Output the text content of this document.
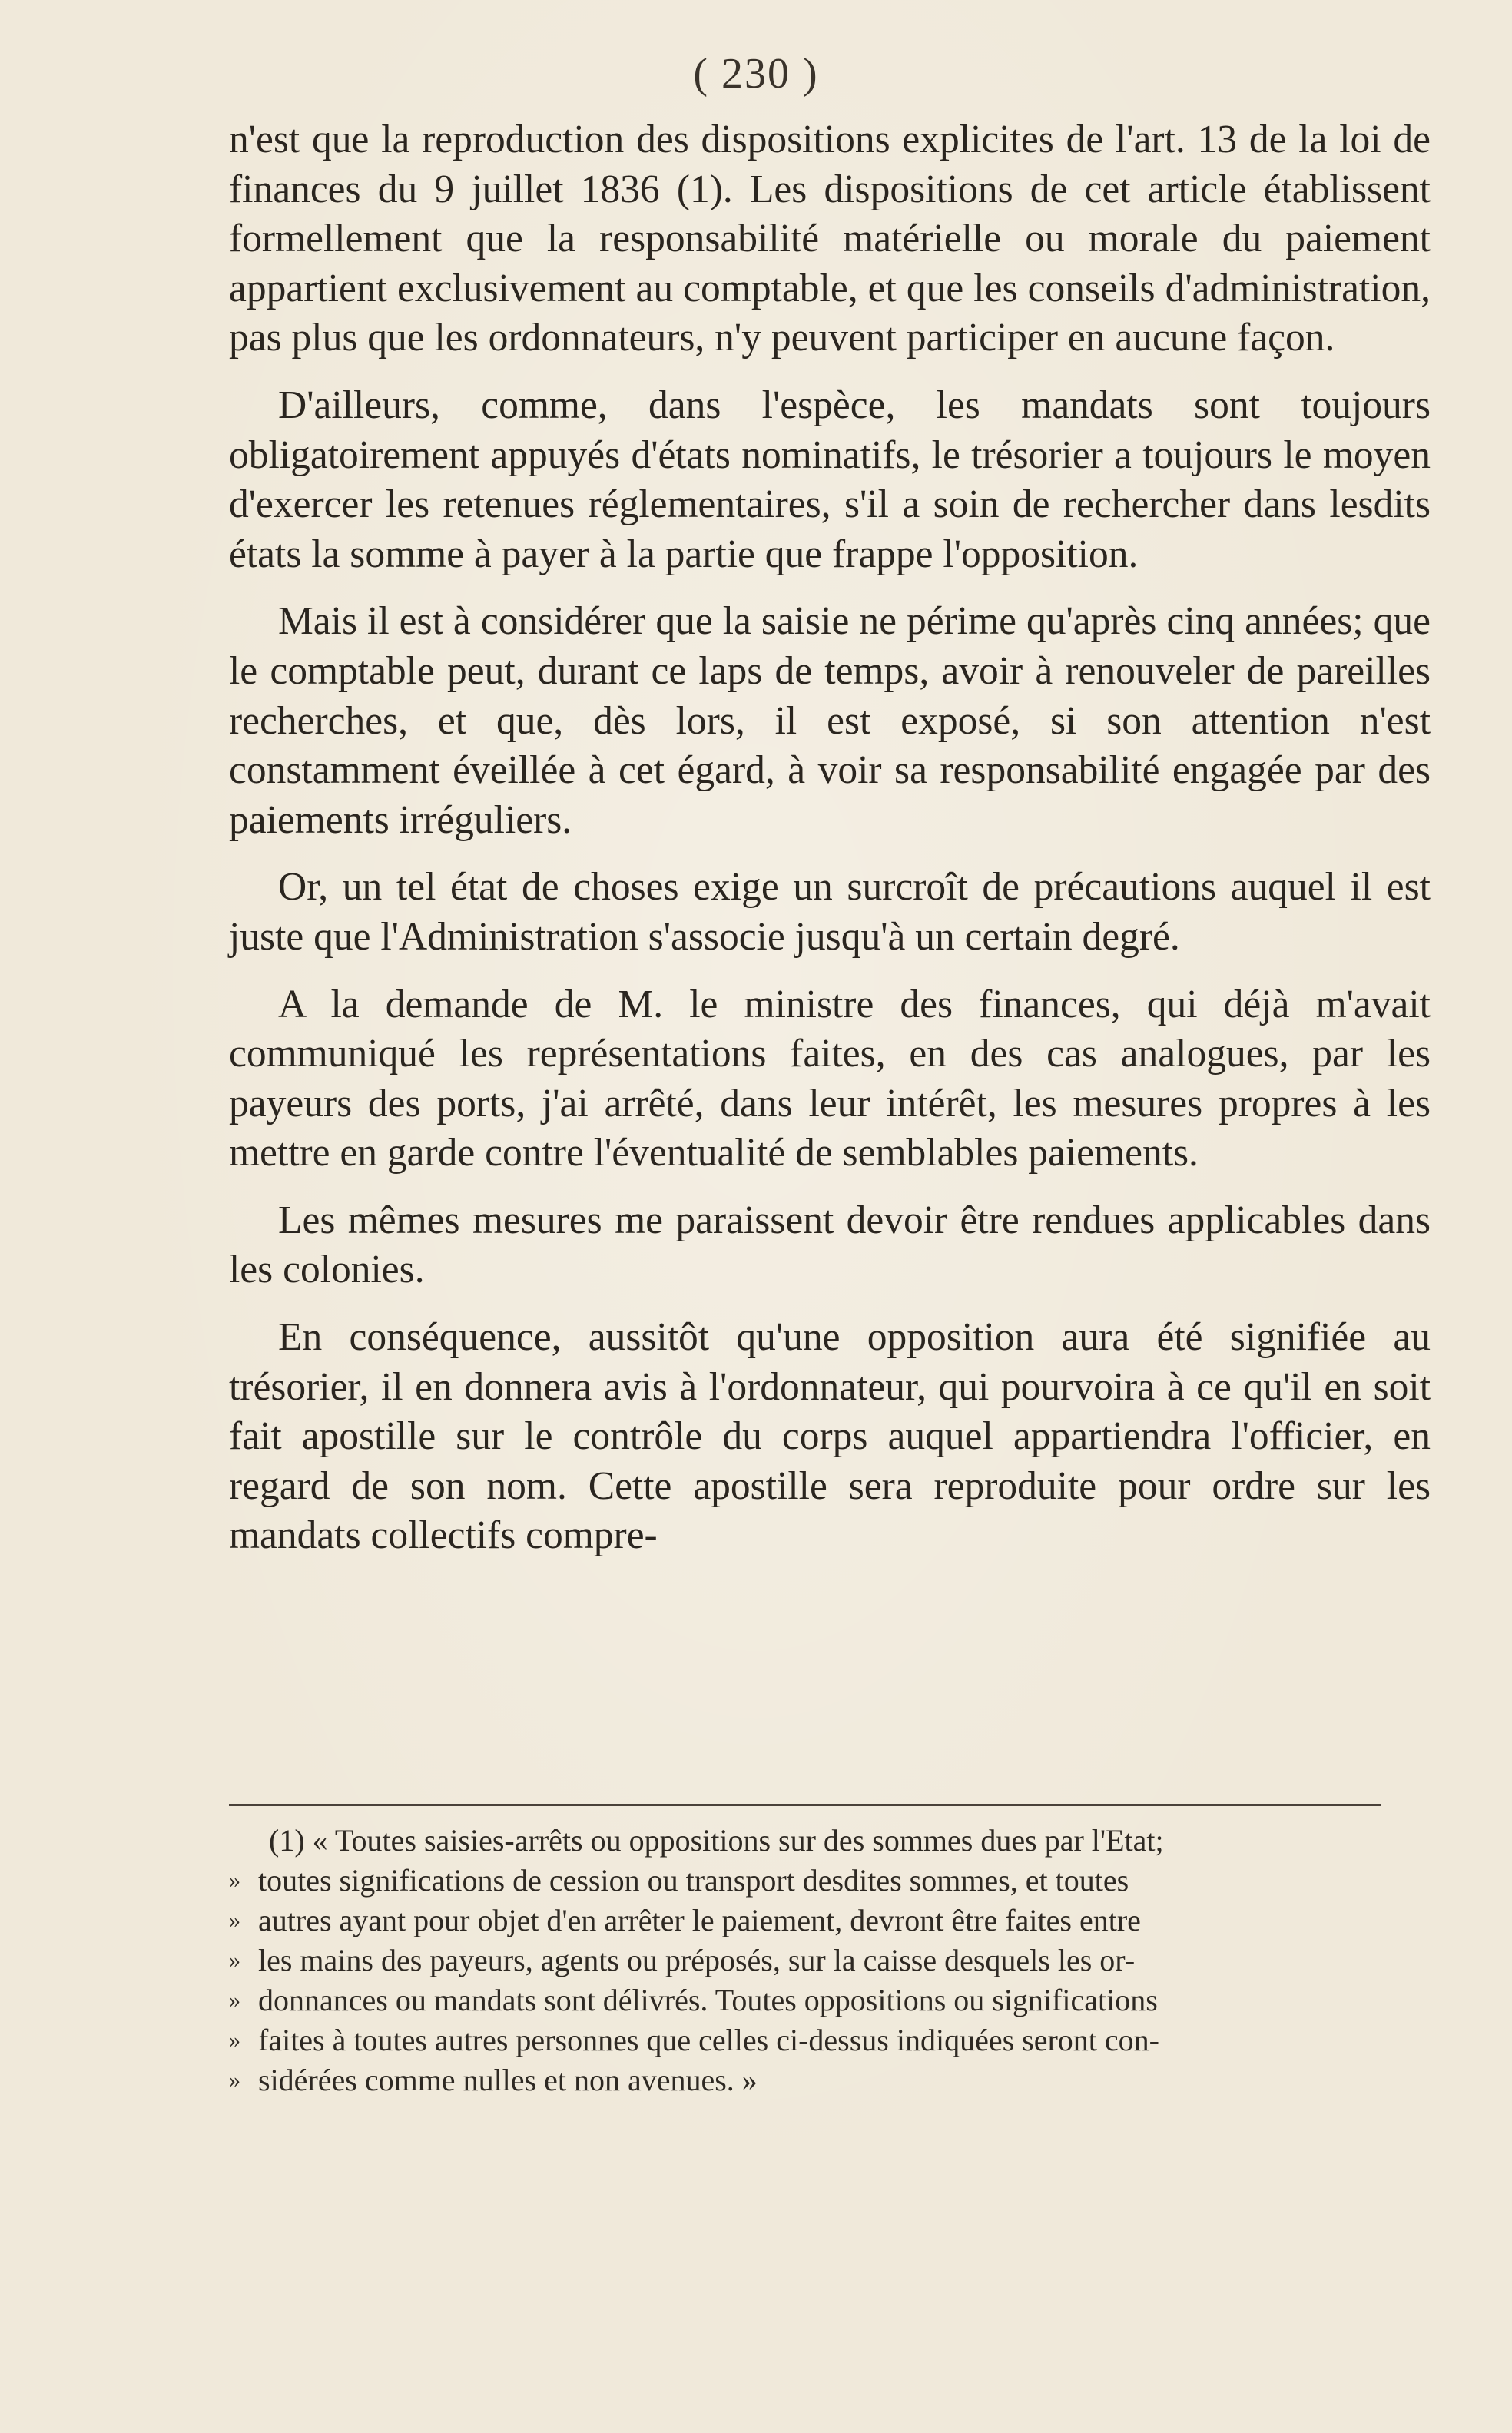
( 230 )

n'est que la reproduction des dispositions explicites de l'art. 13 de la loi de finances du 9 juillet 1836 (1). Les dispositions de cet article établissent formellement que la responsabilité matérielle ou morale du paiement appartient exclusivement au comptable, et que les conseils d'administration, pas plus que les ordonnateurs, n'y peuvent participer en aucune façon.

D'ailleurs, comme, dans l'espèce, les mandats sont toujours obligatoirement appuyés d'états nominatifs, le trésorier a toujours le moyen d'exercer les retenues réglementaires, s'il a soin de rechercher dans lesdits états la somme à payer à la partie que frappe l'opposition.

Mais il est à considérer que la saisie ne périme qu'après cinq années; que le comptable peut, durant ce laps de temps, avoir à renouveler de pareilles recherches, et que, dès lors, il est exposé, si son attention n'est constamment éveillée à cet égard, à voir sa responsabilité engagée par des paiements irréguliers.

Or, un tel état de choses exige un surcroît de précautions auquel il est juste que l'Administration s'associe jusqu'à un certain degré.

A la demande de M. le ministre des finances, qui déjà m'avait communiqué les représentations faites, en des cas analogues, par les payeurs des ports, j'ai arrêté, dans leur intérêt, les mesures propres à les mettre en garde contre l'éventualité de semblables paiements.

Les mêmes mesures me paraissent devoir être rendues applicables dans les colonies.

En conséquence, aussitôt qu'une opposition aura été signifiée au trésorier, il en donnera avis à l'ordonnateur, qui pourvoira à ce qu'il en soit fait apostille sur le contrôle du corps auquel appartiendra l'officier, en regard de son nom. Cette apostille sera reproduite pour ordre sur les mandats collectifs compre-

(1) « Toutes saisies-arrêts ou oppositions sur des sommes dues par l'Etat;
» toutes significations de cession ou transport desdites sommes, et toutes
» autres ayant pour objet d'en arrêter le paiement, devront être faites entre
» les mains des payeurs, agents ou préposés, sur la caisse desquels les or-
» donnances ou mandats sont délivrés. Toutes oppositions ou significations
» faites à toutes autres personnes que celles ci-dessus indiquées seront con-
» sidérées comme nulles et non avenues. »
